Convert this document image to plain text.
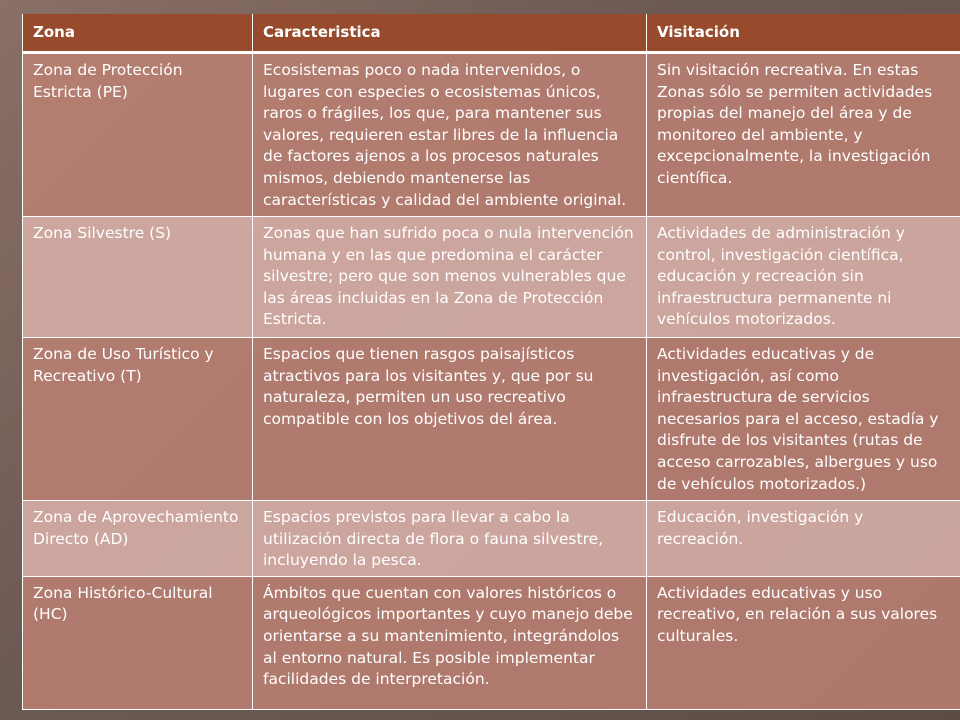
Zona	Caracteristica	Visitación
Zona de Protección Estricta (PE)	Ecosistemas poco o nada intervenidos, o lugares con especies o ecosistemas únicos, raros o frágiles, los que, para mantener sus valores, requieren estar libres de la influencia de factores ajenos a los procesos naturales mismos, debiendo mantenerse las características y calidad del ambiente original.	Sin visitación recreativa. En estas Zonas sólo se permiten actividades propias del manejo del área y de monitoreo del ambiente, y excepcionalmente, la investigación científica.
Zona Silvestre (S)	Zonas que han sufrido poca o nula intervención humana y en las que predomina el carácter silvestre; pero que son menos vulnerables que las áreas incluidas en la Zona de Protección Estricta.	Actividades de administración y control, investigación científica, educación y recreación sin infraestructura permanente ni vehículos motorizados.
Zona de Uso Turístico y Recreativo (T)	Espacios que tienen rasgos paisajísticos atractivos para los visitantes y, que por su naturaleza, permiten un uso recreativo compatible con los objetivos del área.	Actividades educativas y de investigación, así como infraestructura de servicios necesarios para el acceso, estadía y disfrute de los visitantes (rutas de acceso carrozables, albergues y uso de vehículos motorizados.)
Zona de Aprovechamiento Directo (AD)	Espacios previstos para llevar a cabo la utilización directa de flora o fauna silvestre, incluyendo la pesca.	Educación, investigación y recreación.
Zona Histórico-Cultural (HC)	Ámbitos que cuentan con valores históricos o arqueológicos importantes y cuyo manejo debe orientarse a su mantenimiento, integrándolos al entorno natural. Es posible implementar facilidades de interpretación.	Actividades educativas y uso recreativo, en relación a sus valores culturales.
